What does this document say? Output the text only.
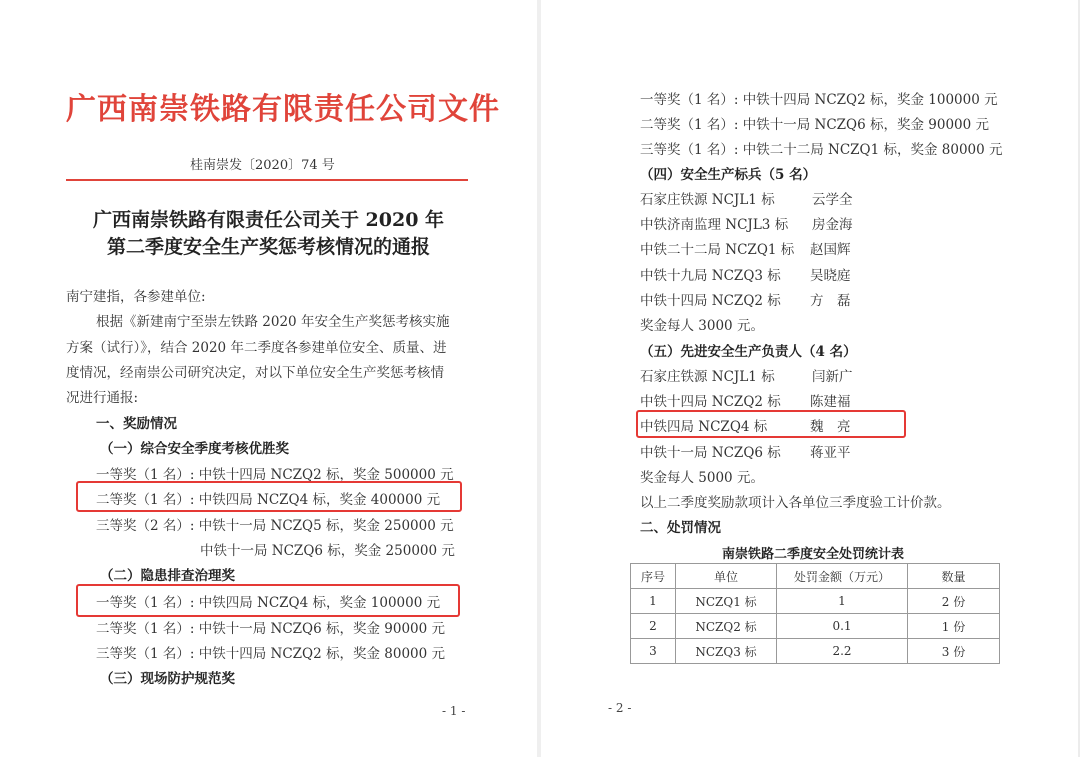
广西南崇铁路有限责任公司文件
桂南崇发〔2020〕74 号
广西南崇铁路有限责任公司关于 2020 年
第二季度安全生产奖惩考核情况的通报
南宁建指，各参建单位:
根据《新建南宁至崇左铁路 2020 年安全生产奖惩考核实施
方案（试行）》，结合 2020 年二季度各参建单位安全、质量、进
度情况，经南崇公司研究决定，对以下单位安全生产奖惩考核情
况进行通报:
一、奖励情况
（一）综合安全季度考核优胜奖
一等奖（1 名）: 中铁十四局 NCZQ2 标，奖金 500000 元
二等奖（1 名）: 中铁四局 NCZQ4 标，奖金 400000 元
三等奖（2 名）: 中铁十一局 NCZQ5 标，奖金 250000 元
中铁十一局 NCZQ6 标，奖金 250000 元
（二）隐患排查治理奖
一等奖（1 名）: 中铁四局 NCZQ4 标，奖金 100000 元
二等奖（1 名）: 中铁十一局 NCZQ6 标，奖金 90000 元
三等奖（1 名）: 中铁十四局 NCZQ2 标，奖金 80000 元
（三）现场防护规范奖
- 1 -
一等奖（1 名）: 中铁十四局 NCZQ2 标，奖金 100000 元
二等奖（1 名）: 中铁十一局 NCZQ6 标，奖金 90000 元
三等奖（1 名）: 中铁二十二局 NCZQ1 标，奖金 80000 元
（四）安全生产标兵（5 名）
石家庄铁源 NCJL1 标	云学全
中铁济南监理 NCJL3 标 房金海
中铁二十二局 NCZQ1 标 赵国辉
中铁十九局 NCZQ3 标 吴晓庭
中铁十四局 NCZQ2 标 方　磊
奖金每人 3000 元。
（五）先进安全生产负责人（4 名）
石家庄铁源 NCJL1 标	闫新广
中铁十四局 NCZQ2 标 陈建福
中铁四局 NCZQ4 标	魏　亮
中铁十一局 NCZQ6 标 蒋亚平
奖金每人 5000 元。
以上二季度奖励款项计入各单位三季度验工计价款。
二、处罚情况
南崇铁路二季度安全处罚统计表
序号	单位	处罚金额（万元）	数量
1	NCZQ1 标	1	2 份
2	NCZQ2 标	0.1	1 份
3	NCZQ3 标	2.2	3 份
- 2 -
